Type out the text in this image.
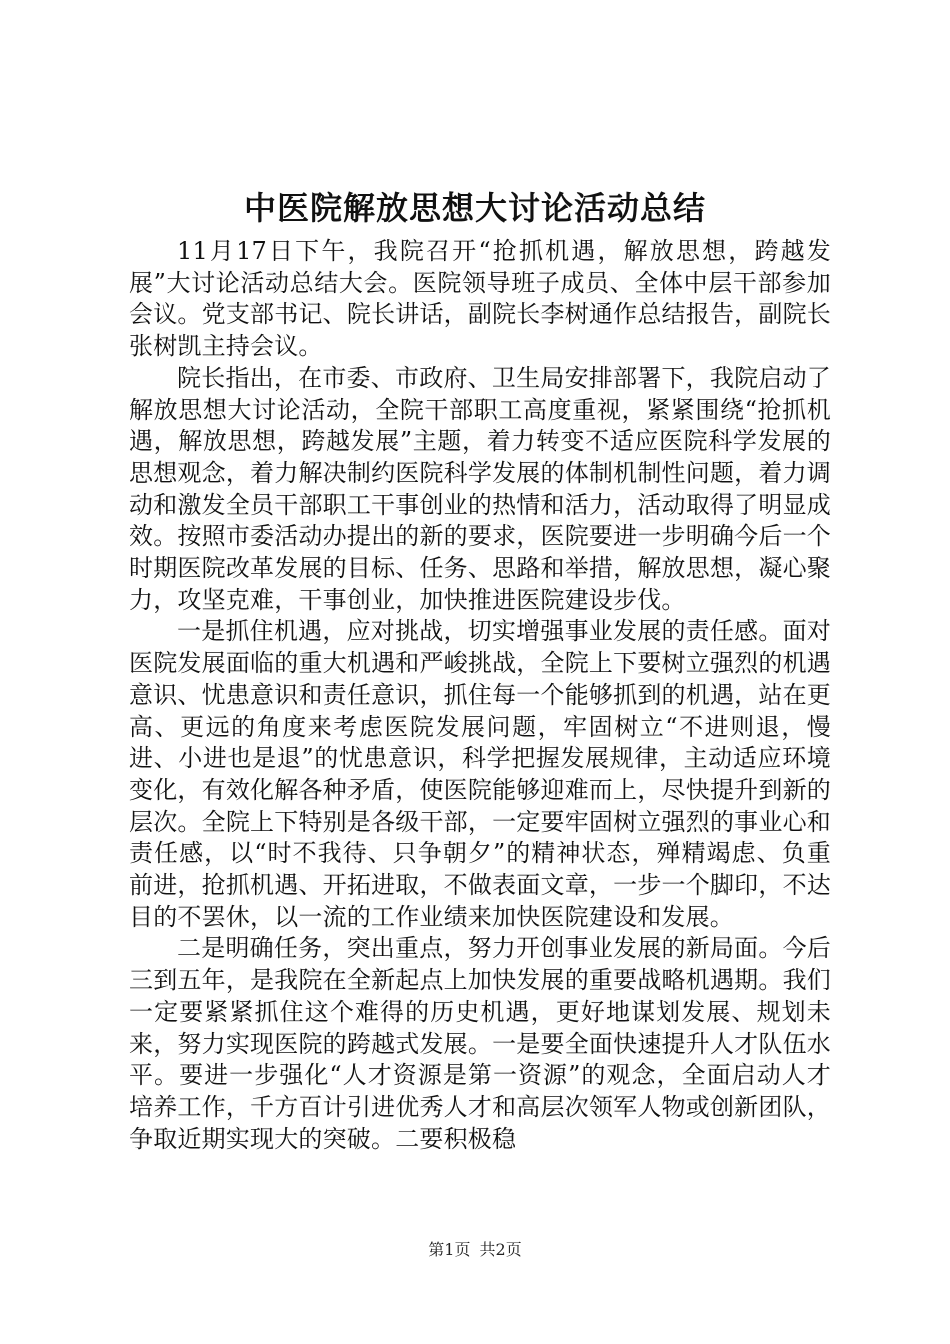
中医院解放思想大讨论活动总结

11月17日下午，我院召开“抢抓机遇，解放思想，跨越发展”大讨论活动总结大会。医院领导班子成员、全体中层干部参加会议。党支部书记、院长讲话，副院长李树通作总结报告，副院长张树凯主持会议。

院长指出，在市委、市政府、卫生局安排部署下，我院启动了解放思想大讨论活动，全院干部职工高度重视，紧紧围绕“抢抓机遇，解放思想，跨越发展”主题，着力转变不适应医院科学发展的思想观念，着力解决制约医院科学发展的体制机制性问题，着力调动和激发全员干部职工干事创业的热情和活力，活动取得了明显成效。按照市委活动办提出的新的要求，医院要进一步明确今后一个时期医院改革发展的目标、任务、思路和举措，解放思想，凝心聚力，攻坚克难，干事创业，加快推进医院建设步伐。

一是抓住机遇，应对挑战，切实增强事业发展的责任感。面对医院发展面临的重大机遇和严峻挑战，全院上下要树立强烈的机遇意识、忧患意识和责任意识，抓住每一个能够抓到的机遇，站在更高、更远的角度来考虑医院发展问题，牢固树立“不进则退，慢进、小进也是退”的忧患意识，科学把握发展规律，主动适应环境变化，有效化解各种矛盾，使医院能够迎难而上，尽快提升到新的层次。全院上下特别是各级干部，一定要牢固树立强烈的事业心和责任感，以“时不我待、只争朝夕”的精神状态，殚精竭虑、负重前进，抢抓机遇、开拓进取，不做表面文章，一步一个脚印，不达目的不罢休，以一流的工作业绩来加快医院建设和发展。

二是明确任务，突出重点，努力开创事业发展的新局面。今后三到五年，是我院在全新起点上加快发展的重要战略机遇期。我们一定要紧紧抓住这个难得的历史机遇，更好地谋划发展、规划未来，努力实现医院的跨越式发展。一是要全面快速提升人才队伍水平。要进一步强化“人才资源是第一资源”的观念，全面启动人才培养工作，千方百计引进优秀人才和高层次领军人物或创新团队，争取近期实现大的突破。二要积极稳

第1页 共2页
